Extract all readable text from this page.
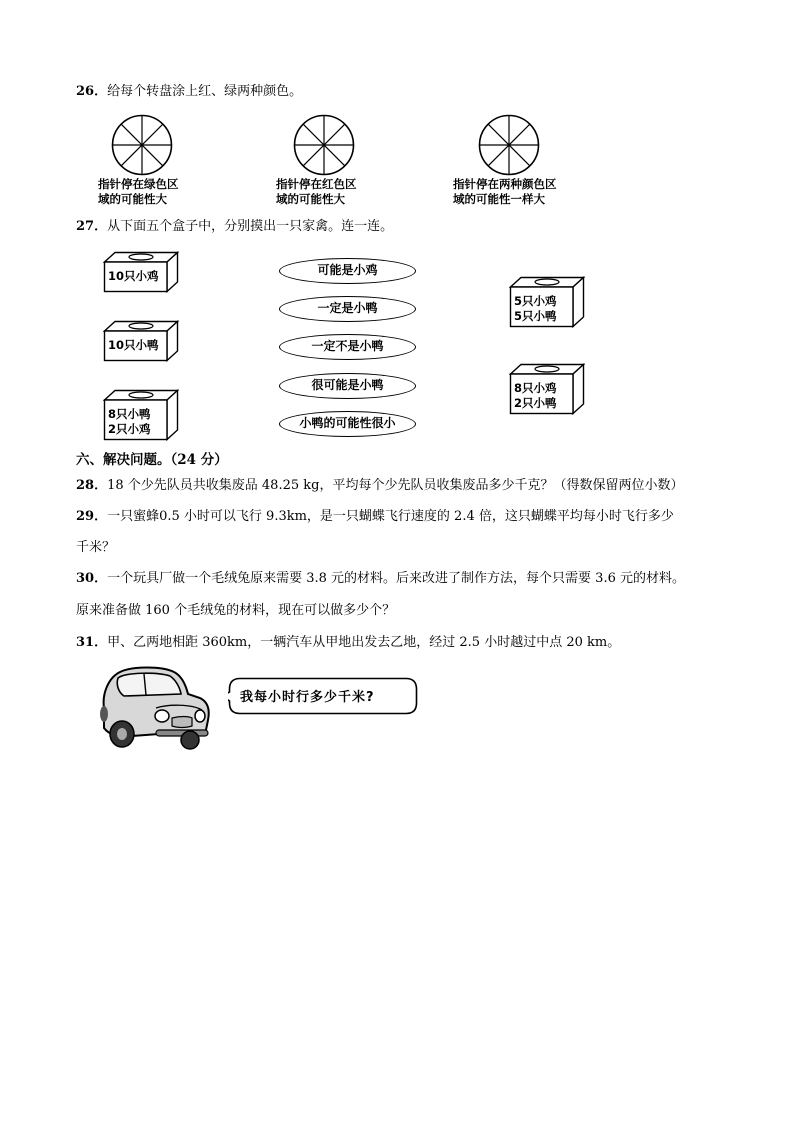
26．给每个转盘涂上红、绿两种颜色。
指针停在绿色区
域的可能性大
指针停在红色区
域的可能性大
指针停在两种颜色区
域的可能性一样大
27．从下面五个盒子中，分别摸出一只家禽。连一连。
10只小鸡
10只小鸭
8只小鸭
2只小鸡
可能是小鸡
一定是小鸭
一定不是小鸭
很可能是小鸭
小鸭的可能性很小
5只小鸡
5只小鸭
8只小鸡
2只小鸭
六、解决问题。（24 分）
28．18 个少先队员共收集废品 48.25 kg，平均每个少先队员收集废品多少千克？（得数保留两位小数）
29．一只蜜蜂0.5 小时可以飞行 9.3km，是一只蝴蝶飞行速度的 2.4 倍，这只蝴蝶平均每小时飞行多少
千米？
30．一个玩具厂做一个毛绒兔原来需要 3.8 元的材料。后来改进了制作方法，每个只需要 3.6 元的材料。
原来准备做 160 个毛绒兔的材料，现在可以做多少个？
31．甲、乙两地相距 360km，一辆汽车从甲地出发去乙地，经过 2.5 小时越过中点 20 km。
我每小时行多少千米?
